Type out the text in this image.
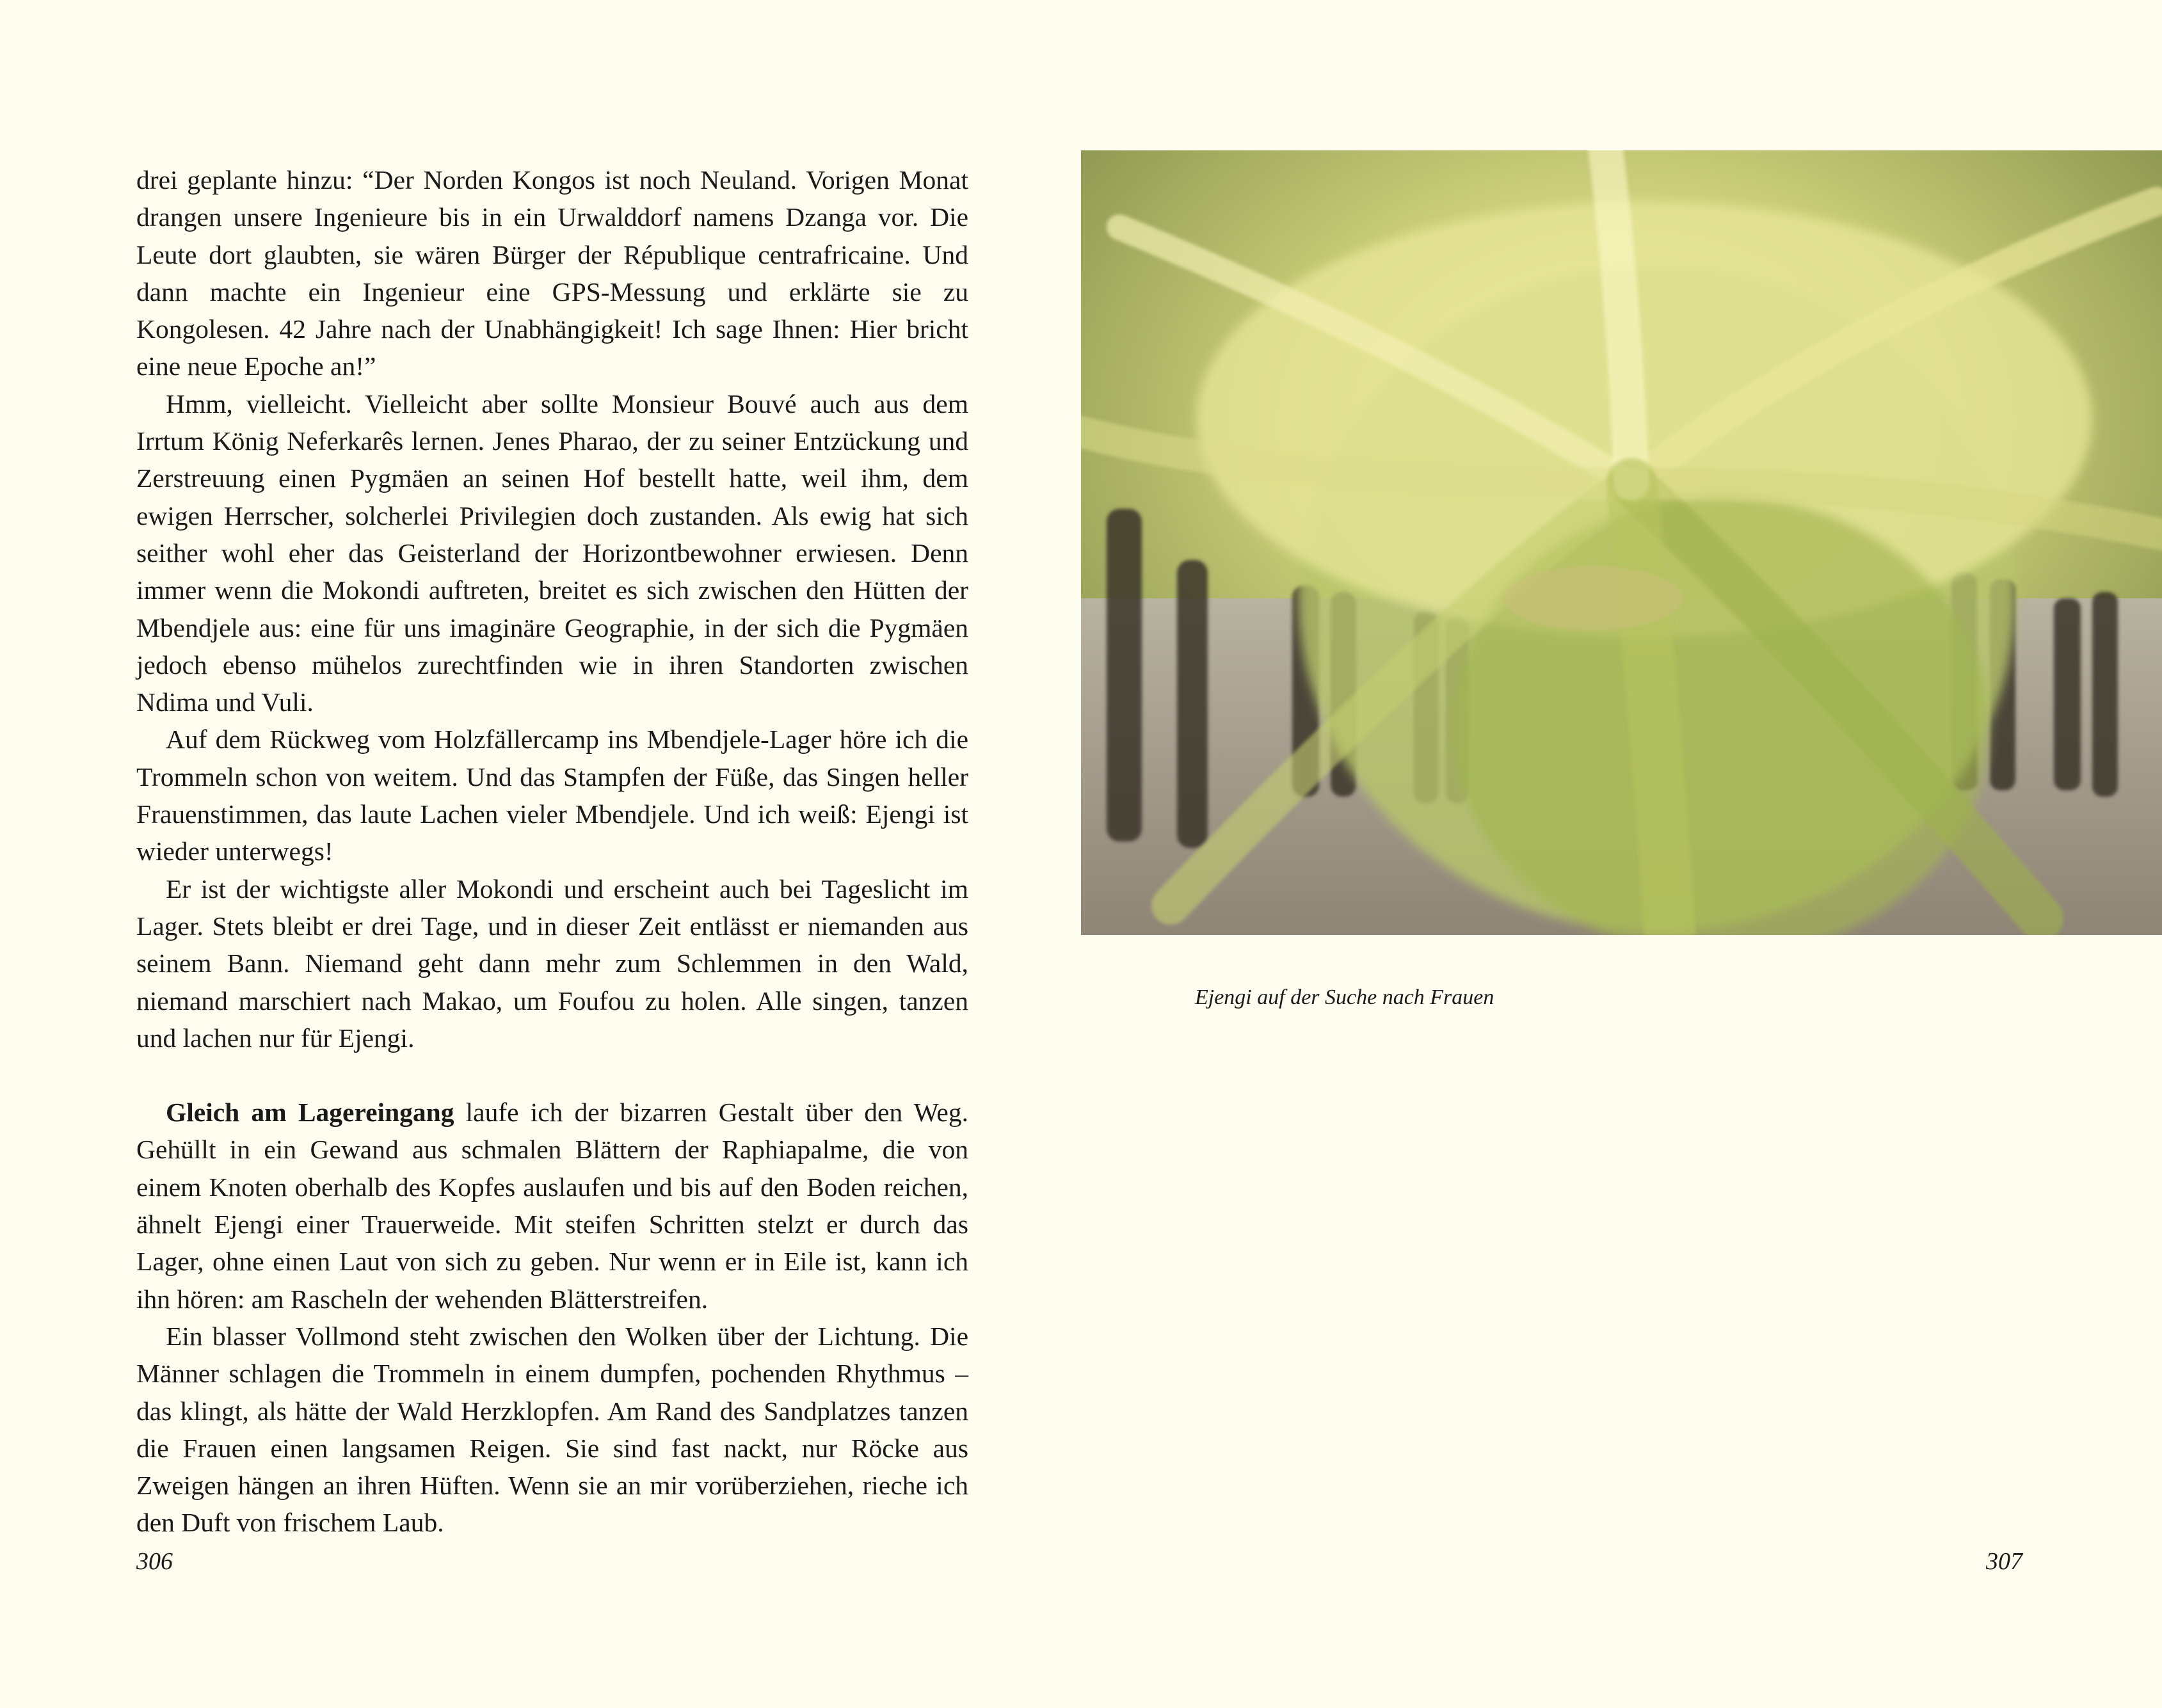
drei geplante hinzu: “Der Norden Kongos ist noch Neuland. Vorigen Monat drangen unsere Ingenieure bis in ein Urwalddorf namens Dzanga vor. Die Leute dort glaubten, sie wären Bürger der République centrafricaine. Und dann machte ein Ingenieur eine GPS-Messung und erklärte sie zu Kongolesen. 42 Jahre nach der Unabhängigkeit! Ich sage Ihnen: Hier bricht eine neue Epoche an!”

Hmm, vielleicht. Vielleicht aber sollte Monsieur Bouvé auch aus dem Irrtum König Neferkarês lernen. Jenes Pharao, der zu seiner Entzückung und Zerstreuung einen Pygmäen an seinen Hof bestellt hatte, weil ihm, dem ewigen Herrscher, solcherlei Privilegien doch zustanden. Als ewig hat sich seither wohl eher das Geisterland der Horizontbewohner erwiesen. Denn immer wenn die Mokondi auftreten, breitet es sich zwischen den Hütten der Mbendjele aus: eine für uns imaginäre Geographie, in der sich die Pygmäen jedoch ebenso mühelos zurechtfinden wie in ihren Standorten zwischen Ndima und Vuli.

Auf dem Rückweg vom Holzfällercamp ins Mbendjele-Lager höre ich die Trommeln schon von weitem. Und das Stampfen der Füße, das Singen heller Frauenstimmen, das laute Lachen vieler Mbendjele. Und ich weiß: Ejengi ist wieder unterwegs!

Er ist der wichtigste aller Mokondi und erscheint auch bei Tageslicht im Lager. Stets bleibt er drei Tage, und in dieser Zeit entlässt er niemanden aus seinem Bann. Niemand geht dann mehr zum Schlemmen in den Wald, niemand marschiert nach Makao, um Foufou zu holen. Alle singen, tanzen und lachen nur für Ejengi.

Gleich am Lagereingang laufe ich der bizarren Gestalt über den Weg. Gehüllt in ein Gewand aus schmalen Blättern der Raphiapalme, die von einem Knoten oberhalb des Kopfes auslaufen und bis auf den Boden reichen, ähnelt Ejengi einer Trauerweide. Mit steifen Schritten stelzt er durch das Lager, ohne einen Laut von sich zu geben. Nur wenn er in Eile ist, kann ich ihn hören: am Rascheln der wehenden Blätterstreifen.

Ein blasser Vollmond steht zwischen den Wolken über der Lichtung. Die Männer schlagen die Trommeln in einem dumpfen, pochenden Rhythmus – das klingt, als hätte der Wald Herzklopfen. Am Rand des Sandplatzes tanzen die Frauen einen langsamen Reigen. Sie sind fast nackt, nur Röcke aus Zweigen hängen an ihren Hüften. Wenn sie an mir vorüberziehen, rieche ich den Duft von frischem Laub.

306
Ejengi auf der Suche nach Frauen
307
